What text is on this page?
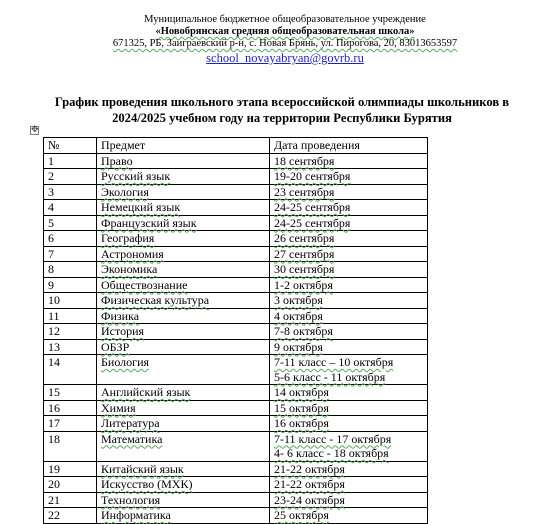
Муниципальное бюджетное общеобразовательное учреждение
«Новобрянская средняя общеобразовательная школа»
671325, РБ, Заиграевский р-н, с. Новая Брянь, ул. Пирогова, 20, 83013653597
school_novayabryan@govrb.ru
График проведения школьного этапа всероссийской олимпиады школьников в
2024/2025 учебном году на территории Республики Бурятия
✥
№	Предмет	Дата проведения
1	Право	18 сентября

2	Русский язык	19-20 сентября

3	Экология	23 сентября

4	Немецкий язык	24-25 сентября

5	Французский язык	24-25 сентября

6	География	26 сентября

7	Астрономия	27 сентября

8	Экономика	30 сентября

9	Обществознание	1-2 октября

10	Физическая культура	3 октября

11	Физика	4 октября

12	История	7-8 октября

13	ОБЗР	9 октября

14	Биология	7-11 класс – 10 октября
5-6 класс - 11 октября

15	Английский язык	14 октября

16	Химия	15 октября

17	Литература	16 октября

18	Математика	7-11 класс - 17 октября
4- 6 класс - 18 октября

19	Китайский язык	21-22 октября

20	Искусство (МХК)	21-22 октября

21	Технология	23-24 октября

22	Информатика	25 октября
